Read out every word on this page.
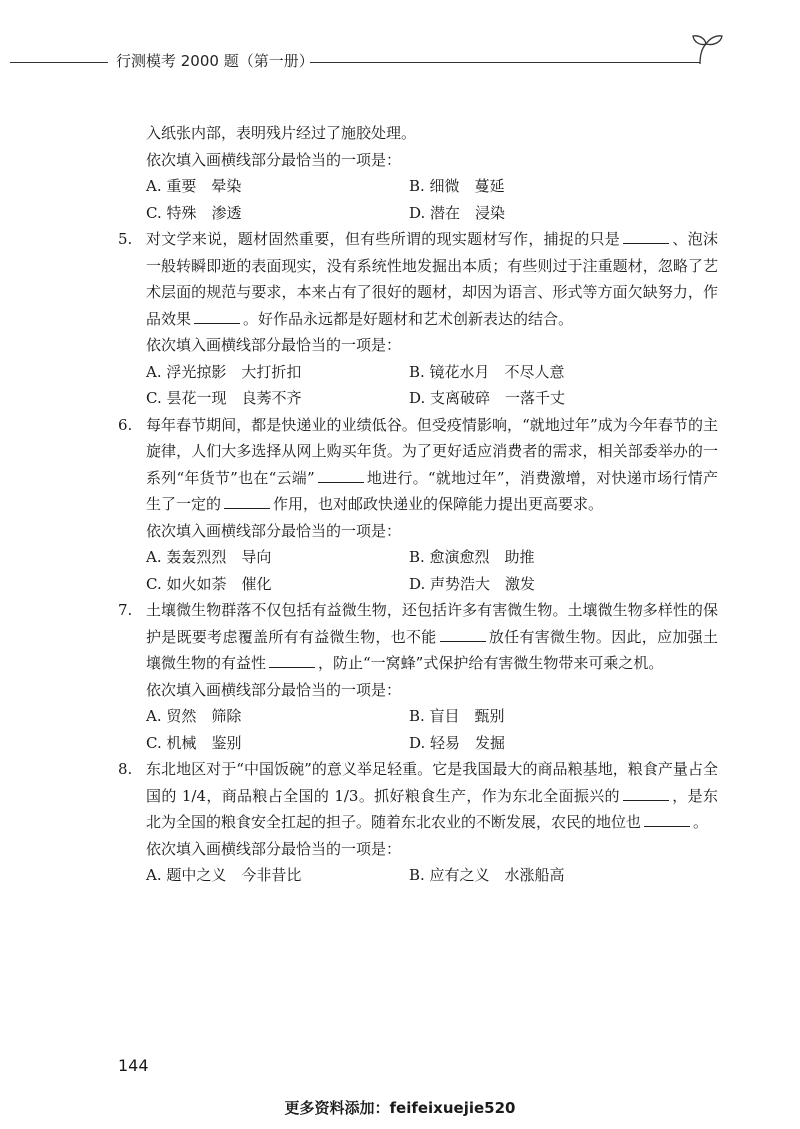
行测模考 2000 题（第一册）

入纸张内部，表明残片经过了施胶处理。

依次填入画横线部分最恰当的一项是：

A. 重要　晕染	B. 细微　蔓延
C. 特殊　渗透	D. 潜在　浸染
5. 对文学来说，题材固然重要，但有些所谓的现实题材写作，捕捉的只是	、泡沫一般转瞬即逝的表面现实，没有系统性地发掘出本质；有些则过于注重题材，忽略了艺术层面的规范与要求，本来占有了很好的题材，却因为语言、形式等方面欠缺努力，作品效果	。好作品永远都是好题材和艺术创新表达的结合。

依次填入画横线部分最恰当的一项是：

A. 浮光掠影　大打折扣	B. 镜花水月　不尽人意
C. 昙花一现　良莠不齐	D. 支离破碎　一落千丈
6. 每年春节期间，都是快递业的业绩低谷。但受疫情影响，“就地过年”成为今年春节的主旋律，人们大多选择从网上购买年货。为了更好适应消费者的需求，相关部委举办的一系列“年货节”也在“云端”	地进行。“就地过年”，消费激增，对快递市场行情产生了一定的	作用，也对邮政快递业的保障能力提出更高要求。

依次填入画横线部分最恰当的一项是：

A. 轰轰烈烈　导向	B. 愈演愈烈　助推
C. 如火如荼　催化	D. 声势浩大　激发
7. 土壤微生物群落不仅包括有益微生物，还包括许多有害微生物。土壤微生物多样性的保护是既要考虑覆盖所有有益微生物，也不能	放任有害微生物。因此，应加强土壤微生物的有益性	，防止“一窝蜂”式保护给有害微生物带来可乘之机。

依次填入画横线部分最恰当的一项是：

A. 贸然　筛除	B. 盲目　甄别
C. 机械　鉴别	D. 轻易　发掘
8. 东北地区对于“中国饭碗”的意义举足轻重。它是我国最大的商品粮基地，粮食产量占全国的 1/4，商品粮占全国的 1/3。抓好粮食生产，作为东北全面振兴的	，是东北为全国的粮食安全扛起的担子。随着东北农业的不断发展，农民的地位也	。

依次填入画横线部分最恰当的一项是：

A. 题中之义　今非昔比	B. 应有之义　水涨船高
144
更多资料添加：feifeixuejie520
